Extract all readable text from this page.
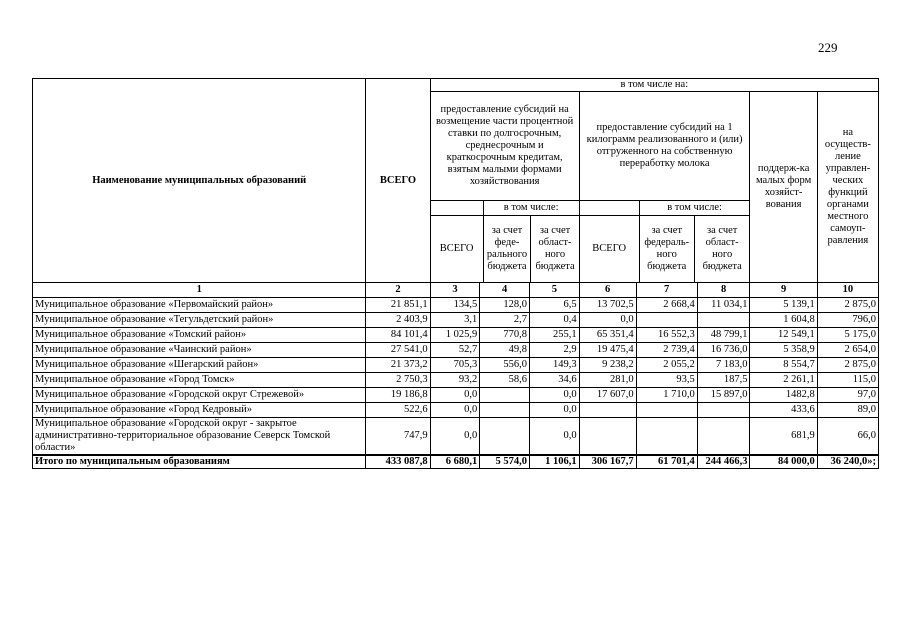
229
Наименование муниципальных образований	ВСЕГО	в том числе на:
предоставление субсидий на возмещение части процентной ставки по долгосрочным, среднесрочным и краткосрочным кредитам, взятым малыми формами хозяйствования	предоставление субсидий на 1 килограмм реализованного и (или) отгруженного на собственную переработку молока	поддерж-ка малых форм хозяйст-вования	на осуществ-ление управлен-ческих функций органами местного самоуп-равления

	в том числе:
ВСЕГО	за счет феде-рального бюджета	за счет област-ного бюджета

	в том числе:
ВСЕГО	за счет федераль-ного бюджета	за счет област-ного бюджета

1	2	3	4	5	6	7	8	9	10
Муниципальное образование «Первомайский район»	21 851,1	134,5	128,0	6,5	13 702,5	2 668,4	11 034,1	5 139,1	2 875,0
Муниципальное образование «Тегульдетский район»	2 403,9	3,1	2,7	0,4	0,0			1 604,8	796,0
Муниципальное образование «Томский район»	84 101,4	1 025,9	770,8	255,1	65 351,4	16 552,3	48 799,1	12 549,1	5 175,0
Муниципальное образование «Чаинский район»	27 541,0	52,7	49,8	2,9	19 475,4	2 739,4	16 736,0	5 358,9	2 654,0
Муниципальное образование «Шегарский район»	21 373,2	705,3	556,0	149,3	9 238,2	2 055,2	7 183,0	8 554,7	2 875,0
Муниципальное образование «Город Томск»	2 750,3	93,2	58,6	34,6	281,0	93,5	187,5	2 261,1	115,0
Муниципальное образование «Городской округ Стрежевой»	19 186,8	0,0		0,0	17 607,0	1 710,0	15 897,0	1482,8	97,0
Муниципальное образование «Город Кедровый»	522,6	0,0		0,0				433,6	89,0
Муниципальное образование «Городской округ - закрытое административно-территориальное образование Северск Томской области»	747,9	0,0		0,0				681,9	66,0
Итого по муниципальным образованиям	433 087,8	6 680,1	5 574,0	1 106,1	306 167,7	61 701,4	244 466,3	84 000,0	36 240,0»;
